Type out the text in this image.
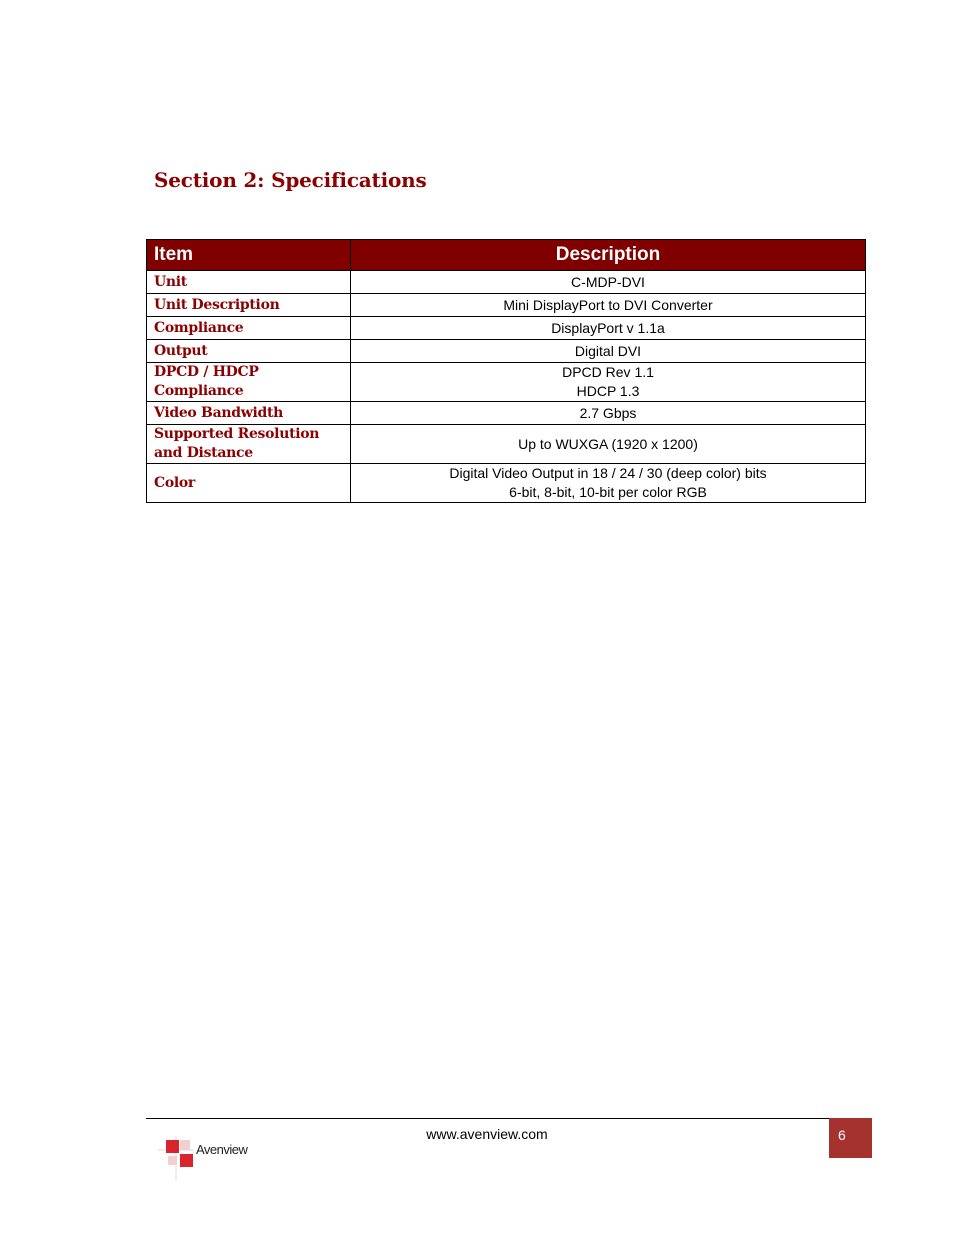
Section 2: Specifications
Item	Description
Unit	C-MDP-DVI

Unit Description	Mini DisplayPort to DVI Converter

Compliance	DisplayPort v 1.1a

Output	Digital DVI

DPCD / HDCP Compliance	DPCD Rev 1.1
HDCP 1.3

Video Bandwidth	2.7 Gbps

Supported Resolution and Distance	Up to WUXGA (1920 x 1200)

Color	Digital Video Output in 18 / 24 / 30 (deep color) bits
6-bit, 8-bit, 10-bit per color RGB
Avenview
www.avenview.com	6
